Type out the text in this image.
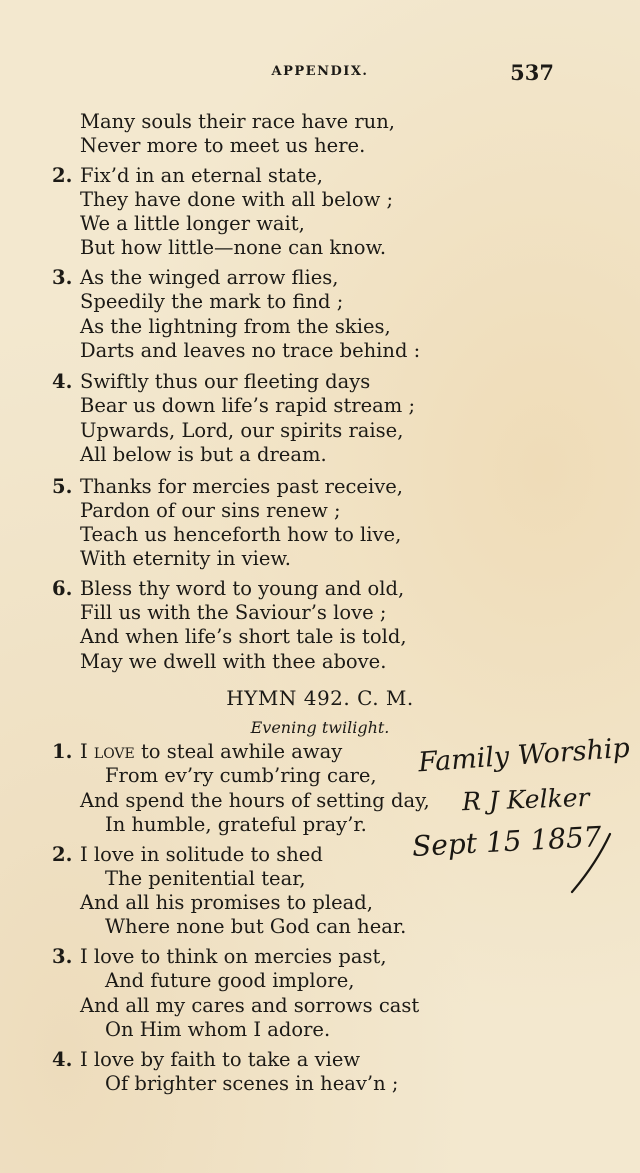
APPENDIX.	537
Many souls their race have run,
Never more to meet us here.
2. Fix’d in an eternal state,
They have done with all below ;
We a little longer wait,
But how little—none can know.
3. As the winged arrow flies,
Speedily the mark to find ;
As the lightning from the skies,
Darts and leaves no trace behind :
4. Swiftly thus our fleeting days
Bear us down life’s rapid stream ;
Upwards, Lord, our spirits raise,
All below is but a dream.
5. Thanks for mercies past receive,
Pardon of our sins renew ;
Teach us henceforth how to live,
With eternity in view.
6. Bless thy word to young and old,
Fill us with the Saviour’s love ;
And when life’s short tale is told,
May we dwell with thee above.
HYMN 492. C. M.
Evening twilight.
1. I love to steal awhile away
From ev’ry cumb’ring care,
And spend the hours of setting day,
In humble, grateful pray’r.
2. I love in solitude to shed
The penitential tear,
And all his promises to plead,
Where none but God can hear.
3. I love to think on mercies past,
And future good implore,
And all my cares and sorrows cast
On Him whom I adore.
4. I love by faith to take a view
Of brighter scenes in heav’n ;
Family Worship
R J Kelker
Sept 15 1857
